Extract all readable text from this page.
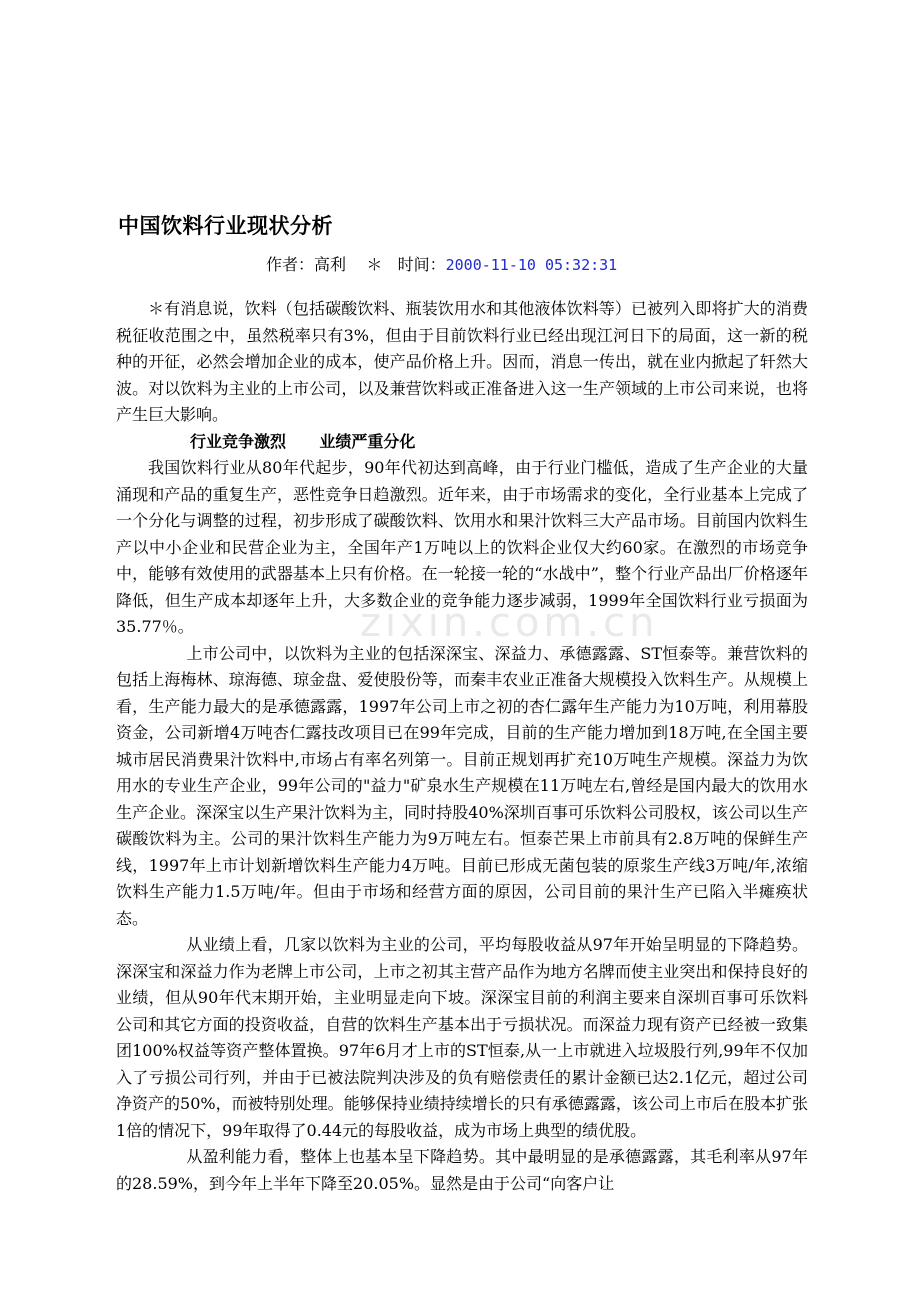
zixin.com.cn
中国饮料行业现状分析
作者：高利    ＊   时间：2000-11-10 05:32:31

＊有消息说，饮料（包括碳酸饮料、瓶装饮用水和其他液体饮料等）已被列入即将扩大的消费税征收范围之中，虽然税率只有3%，但由于目前饮料行业已经出现江河日下的局面，这一新的税种的开征，必然会增加企业的成本，使产品价格上升。因而，消息一传出，就在业内掀起了轩然大波。对以饮料为主业的上市公司，以及兼营饮料或正准备进入这一生产领域的上市公司来说，也将产生巨大影响。

行业竞争激烈      业绩严重分化

我国饮料行业从80年代起步，90年代初达到高峰，由于行业门槛低，造成了生产企业的大量涌现和产品的重复生产，恶性竞争日趋激烈。近年来，由于市场需求的变化，全行业基本上完成了一个分化与调整的过程，初步形成了碳酸饮料、饮用水和果汁饮料三大产品市场。目前国内饮料生产以中小企业和民营企业为主，全国年产1万吨以上的饮料企业仅大约60家。在激烈的市场竞争中，能够有效使用的武器基本上只有价格。在一轮接一轮的“水战中”，整个行业产品出厂价格逐年降低，但生产成本却逐年上升，大多数企业的竞争能力逐步减弱，1999年全国饮料行业亏损面为35.77％。

上市公司中，以饮料为主业的包括深深宝、深益力、承德露露、ST恒泰等。兼营饮料的包括上海梅林、琼海德、琼金盘、爱使股份等，而秦丰农业正准备大规模投入饮料生产。从规模上看，生产能力最大的是承德露露，1997年公司上市之初的杏仁露年生产能力为10万吨，利用幕股资金，公司新增4万吨杏仁露技改项目已在99年完成，目前的生产能力增加到18万吨,在全国主要城市居民消费果汁饮料中,市场占有率名列第一。目前正规划再扩充10万吨生产规模。深益力为饮用水的专业生产企业，99年公司的"益力"矿泉水生产规模在11万吨左右,曾经是国内最大的饮用水生产企业。深深宝以生产果汁饮料为主，同时持股40%深圳百事可乐饮料公司股权，该公司以生产碳酸饮料为主。公司的果汁饮料生产能力为9万吨左右。恒泰芒果上市前具有2.8万吨的保鲜生产线，1997年上市计划新增饮料生产能力4万吨。目前已形成无菌包装的原浆生产线3万吨/年,浓缩饮料生产能力1.5万吨/年。但由于市场和经营方面的原因，公司目前的果汁生产已陷入半瘫痪状态。

从业绩上看，几家以饮料为主业的公司，平均每股收益从97年开始呈明显的下降趋势。深深宝和深益力作为老牌上市公司，上市之初其主营产品作为地方名牌而使主业突出和保持良好的业绩，但从90年代末期开始，主业明显走向下坡。深深宝目前的利润主要来自深圳百事可乐饮料公司和其它方面的投资收益，自营的饮料生产基本出于亏损状况。而深益力现有资产已经被一致集团100%权益等资产整体置换。97年6月才上市的ST恒泰,从一上市就进入垃圾股行列,99年不仅加入了亏损公司行列，并由于已被法院判决涉及的负有赔偿责任的累计金额已达2.1亿元，超过公司净资产的50%，而被特别处理。能够保持业绩持续增长的只有承德露露，该公司上市后在股本扩张1倍的情况下，99年取得了0.44元的每股收益，成为市场上典型的绩优股。

从盈利能力看，整体上也基本呈下降趋势。其中最明显的是承德露露，其毛利率从97年的28.59%，到今年上半年下降至20.05%。显然是由于公司“向客户让
